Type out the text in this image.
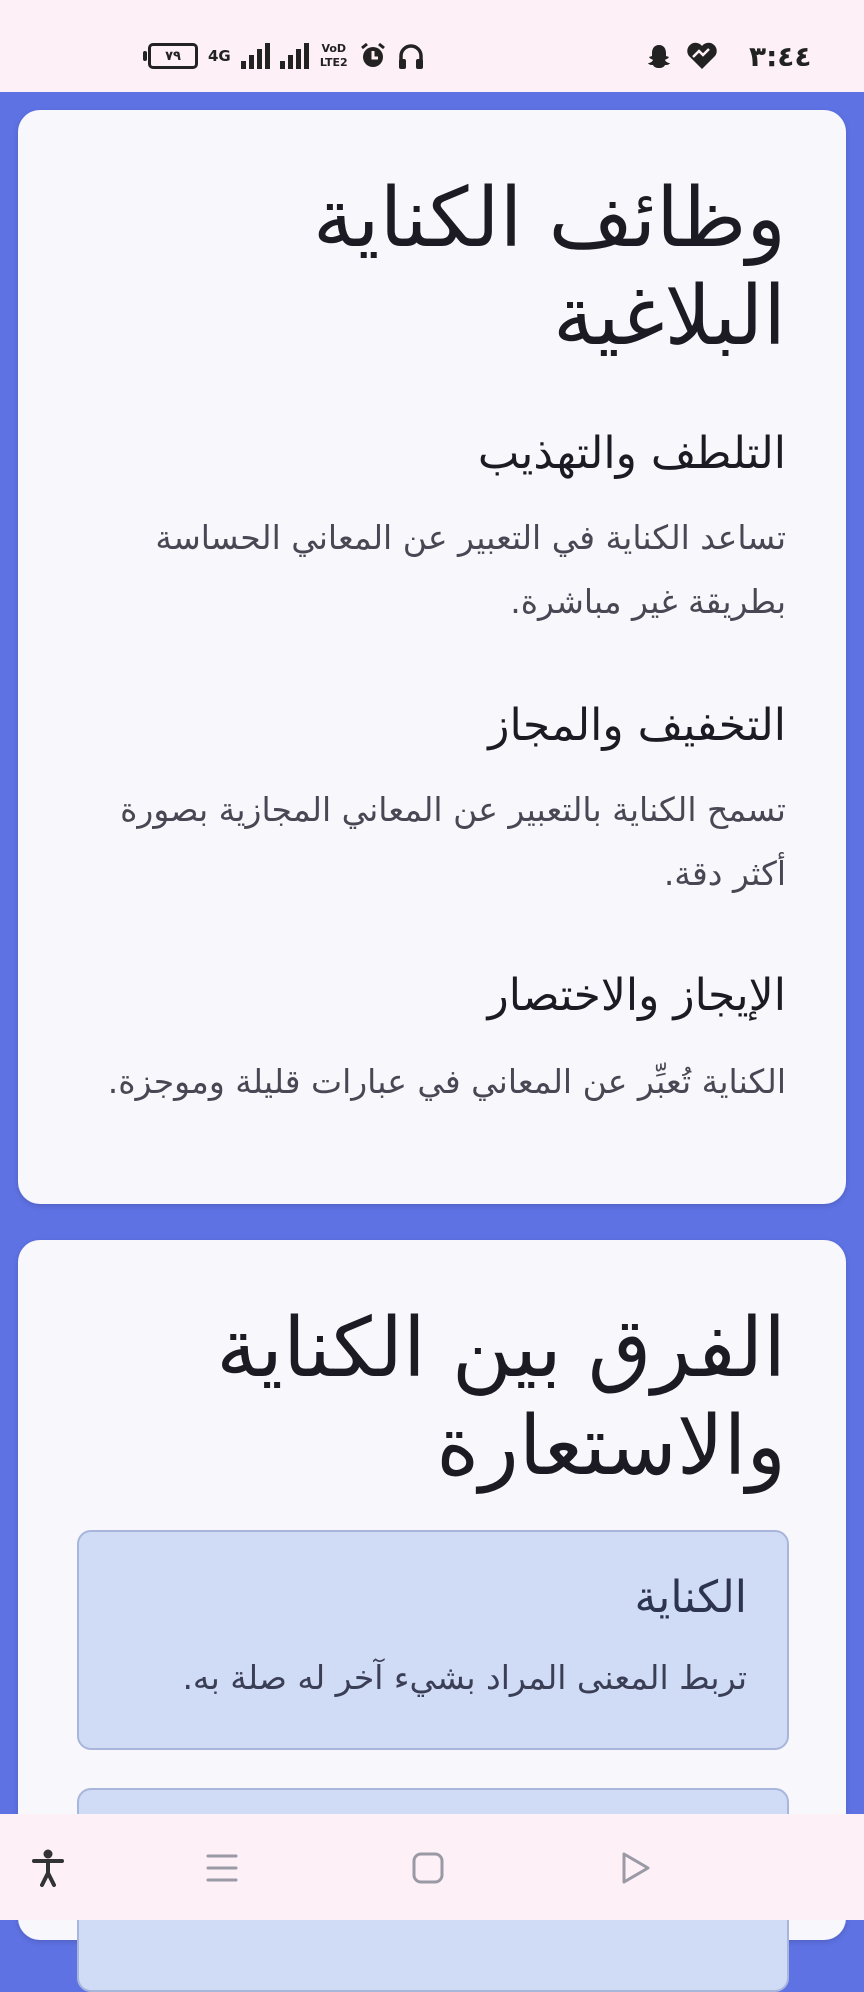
٧٩ 4G	VoD LTE2	٣:٤٤
وظائف الكناية
البلاغية
التلطف والتهذيب

تساعد الكناية في التعبير عن المعاني الحساسة

بطريقة غير مباشرة.

التخفيف والمجاز

تسمح الكناية بالتعبير عن المعاني المجازية بصورة

أكثر دقة.

الإيجاز والاختصار

الكناية تُعبِّر عن المعاني في عبارات قليلة وموجزة.

الفرق بين الكناية
والاستعارة
الكناية

تربط المعنى المراد بشيء آخر له صلة به.
